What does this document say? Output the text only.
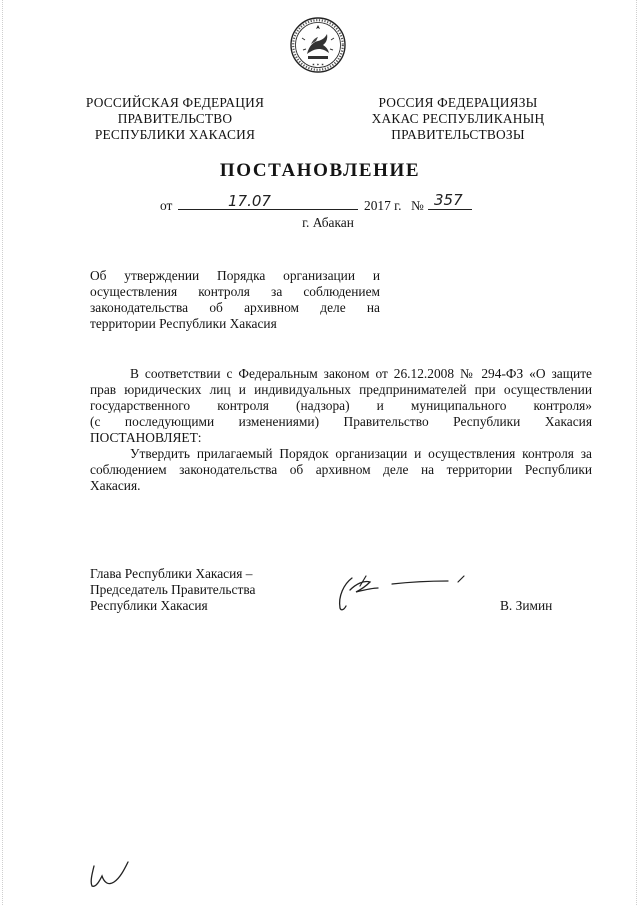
✶ ✶ ✶
РОССИЙСКАЯ ФЕДЕРАЦИЯ
ПРАВИТЕЛЬСТВО
РЕСПУБЛИКИ ХАКАСИЯ
РОССИЯ ФЕДЕРАЦИЯЗЫ
ХАКАС РЕСПУБЛИКАНЫҢ
ПРАВИТЕЛЬСТВОЗЫ
ПОСТАНОВЛЕНИЕ
от	17.07	2017 г. № 357
г. Абакан
Об утверждении Порядка организации и
осуществления контроля за соблюдением
законодательства об архивном деле на
территории Республики Хакасия
В соответствии с Федеральным законом от 26.12.2008 № 294-ФЗ «О защите
прав юридических лиц и индивидуальных предпринимателей при осуществлении
государственного контроля (надзора) и муниципального контроля»
(с последующими изменениями) Правительство Республики Хакасия
ПОСТАНОВЛЯЕТ:
Утвердить прилагаемый Порядок организации и осуществления контроля за
соблюдением законодательства об архивном деле на территории Республики
Хакасия.
Глава Республики Хакасия –
Председатель Правительства
Республики Хакасия	В. Зимин
